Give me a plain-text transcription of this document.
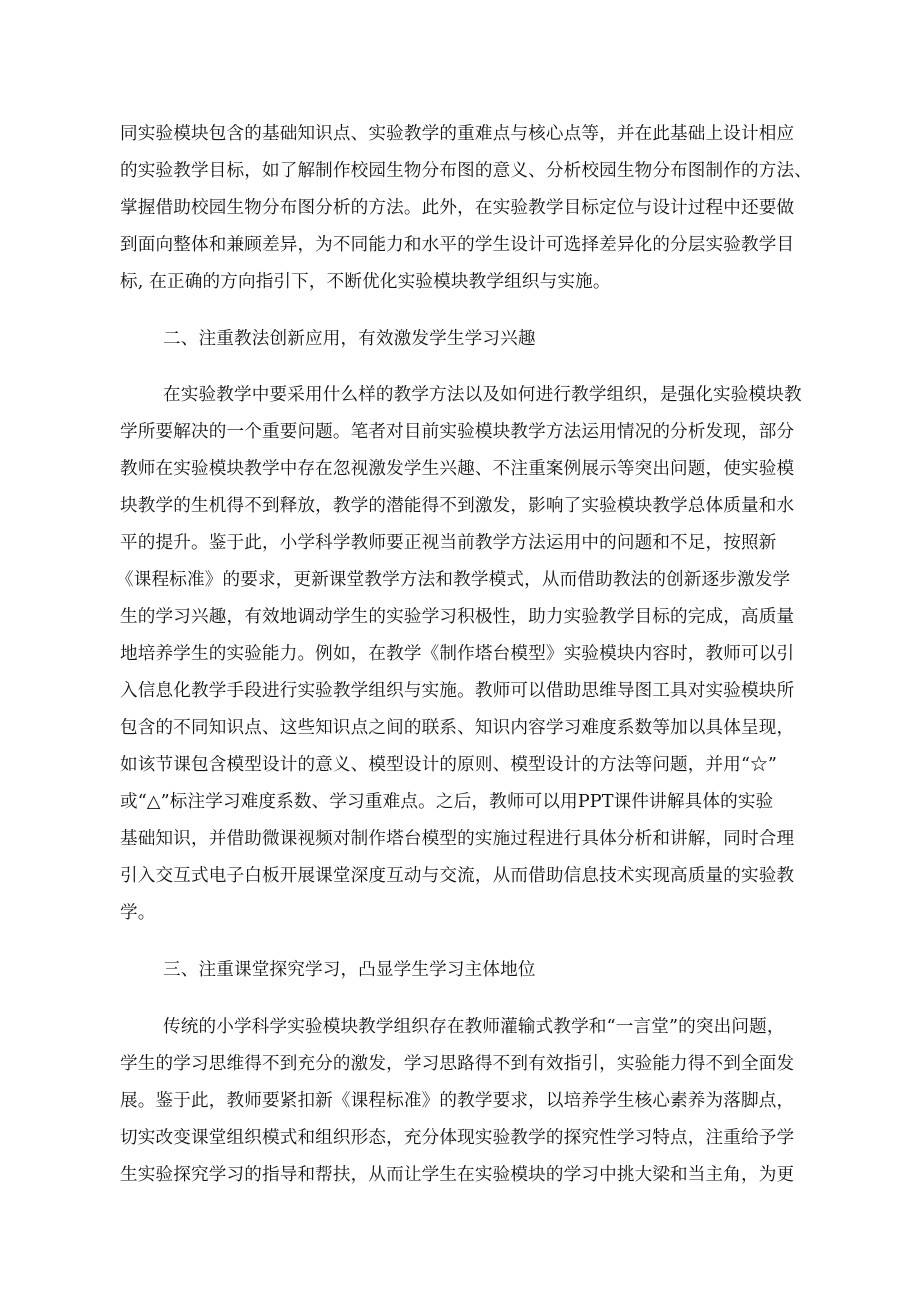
同实验模块包含的基础知识点、实验教学的重难点与核心点等，并在此基础上设计相应
的实验教学目标，如了解制作校园生物分布图的意义、分析校园生物分布图制作的方法、
掌握借助校园生物分布图分析的方法。此外，在实验教学目标定位与设计过程中还要做
到面向整体和兼顾差异，为不同能力和水平的学生设计可选择差异化的分层实验教学目
标, 在正确的方向指引下，不断优化实验模块教学组织与实施。
二、注重教法创新应用，有效激发学生学习兴趣
在实验教学中要采用什么样的教学方法以及如何进行教学组织，是强化实验模块教
学所要解决的一个重要问题。笔者对目前实验模块教学方法运用情况的分析发现，部分
教师在实验模块教学中存在忽视激发学生兴趣、不注重案例展示等突出问题，使实验模
块教学的生机得不到释放，教学的潜能得不到激发，影响了实验模块教学总体质量和水
平的提升。鉴于此，小学科学教师要正视当前教学方法运用中的问题和不足，按照新
《课程标准》的要求，更新课堂教学方法和教学模式，从而借助教法的创新逐步激发学
生的学习兴趣，有效地调动学生的实验学习积极性，助力实验教学目标的完成，高质量
地培养学生的实验能力。例如，在教学《制作塔台模型》实验模块内容时，教师可以引
入信息化教学手段进行实验教学组织与实施。教师可以借助思维导图工具对实验模块所
包含的不同知识点、这些知识点之间的联系、知识内容学习难度系数等加以具体呈现，
如该节课包含模型设计的意义、模型设计的原则、模型设计的方法等问题，并用“☆”
或“△”标注学习难度系数、学习重难点。之后，教师可以用PPT课件讲解具体的实验
基础知识，并借助微课视频对制作塔台模型的实施过程进行具体分析和讲解，同时合理
引入交互式电子白板开展课堂深度互动与交流，从而借助信息技术实现高质量的实验教
学。
三、注重课堂探究学习，凸显学生学习主体地位
传统的小学科学实验模块教学组织存在教师灌输式教学和“一言堂”的突出问题，
学生的学习思维得不到充分的激发，学习思路得不到有效指引，实验能力得不到全面发
展。鉴于此，教师要紧扣新《课程标准》的教学要求，以培养学生核心素养为落脚点，
切实改变课堂组织模式和组织形态，充分体现实验教学的探究性学习特点，注重给予学
生实验探究学习的指导和帮扶，从而让学生在实验模块的学习中挑大梁和当主角，为更
